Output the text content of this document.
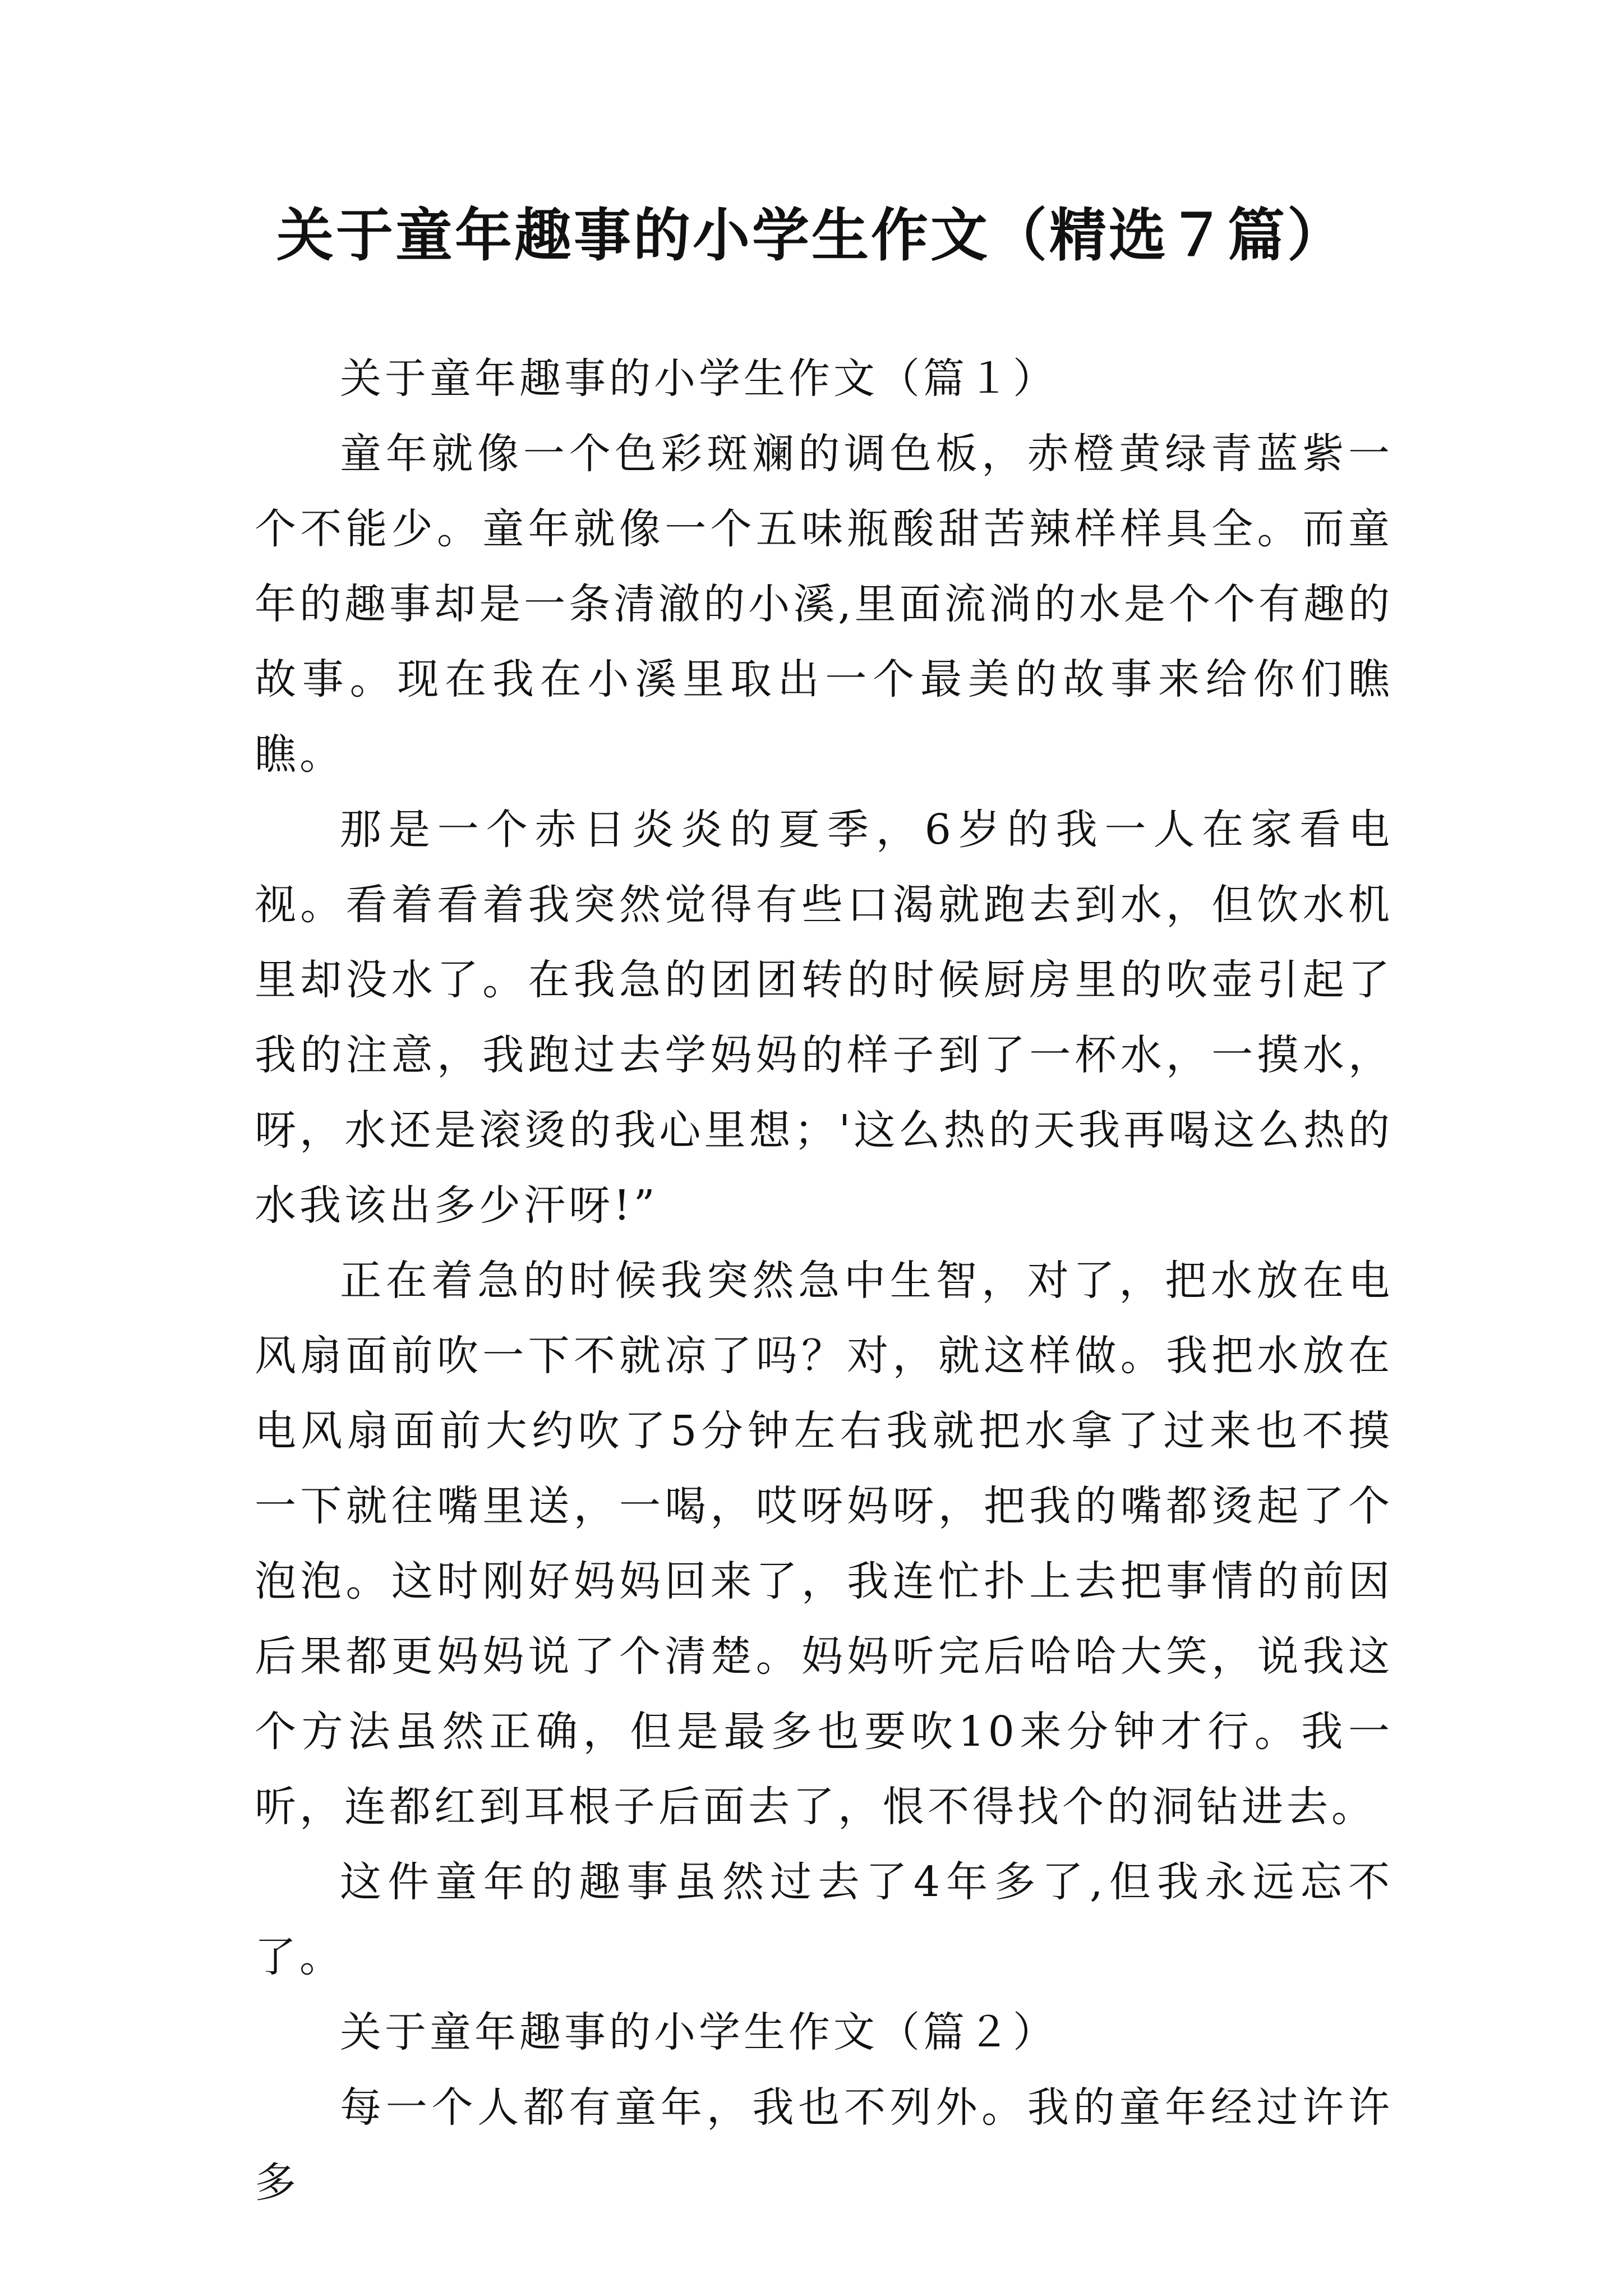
关于童年趣事的小学生作文（精选７篇）

关于童年趣事的小学生作文（篇１）

童年就像一个色彩斑斓的调色板，赤橙黄绿青蓝紫一个不能少。童年就像一个五味瓶酸甜苦辣样样具全。而童年的趣事却是一条清澈的小溪,里面流淌的水是个个有趣的故事。现在我在小溪里取出一个最美的故事来给你们瞧瞧。

那是一个赤日炎炎的夏季，6岁的我一人在家看电视。看着看着我突然觉得有些口渴就跑去到水，但饮水机里却没水了。在我急的团团转的时候厨房里的吹壶引起了我的注意，我跑过去学妈妈的样子到了一杯水，一摸水，呀，水还是滚烫的我心里想；'这么热的天我再喝这么热的水我该出多少汗呀!”

正在着急的时候我突然急中生智，对了，把水放在电风扇面前吹一下不就凉了吗？对，就这样做。我把水放在电风扇面前大约吹了5分钟左右我就把水拿了过来也不摸一下就往嘴里送，一喝，哎呀妈呀，把我的嘴都烫起了个泡泡。这时刚好妈妈回来了，我连忙扑上去把事情的前因后果都更妈妈说了个清楚。妈妈听完后哈哈大笑，说我这个方法虽然正确，但是最多也要吹10来分钟才行。我一听，连都红到耳根子后面去了，恨不得找个的洞钻进去。

这件童年的趣事虽然过去了4年多了,但我永远忘不了。

关于童年趣事的小学生作文（篇２）

每一个人都有童年，我也不列外。我的童年经过许许多
